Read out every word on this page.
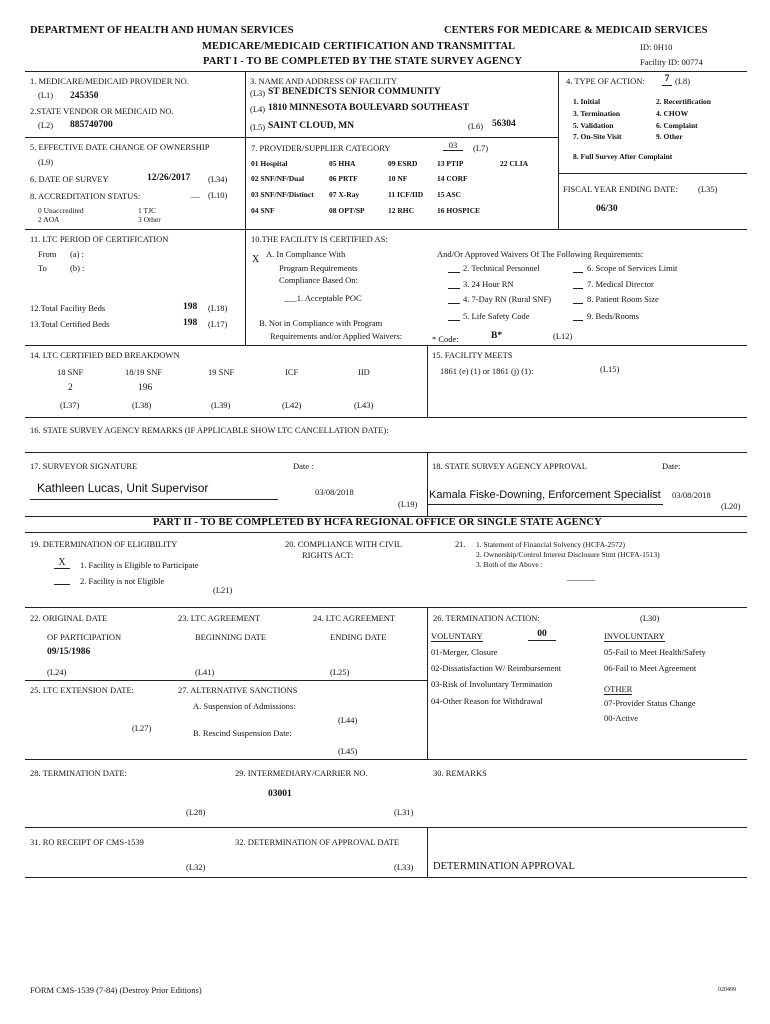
DEPARTMENT OF HEALTH AND HUMAN SERVICES	CENTERS FOR MEDICARE & MEDICAID SERVICES
MEDICARE/MEDICAID CERTIFICATION AND TRANSMITTAL
PART I - TO BE COMPLETED BY THE STATE SURVEY AGENCY
ID: 0H10
Facility ID: 00774
1. MEDICARE/MEDICAID PROVIDER NO.
(L1) 245350
2.STATE VENDOR OR MEDICAID NO.
(L2) 885740700
3. NAME AND ADDRESS OF FACILITY
(L3) ST BENEDICTS SENIOR COMMUNITY
(L4) 1810 MINNESOTA BOULEVARD SOUTHEAST
(L5) SAINT CLOUD, MN	(L6) 56304
4. TYPE OF ACTION: 7 (L8)
1. Initial	2. Recertification
3. Termination	4. CHOW
5. Validation	6. Complaint
7. On-Site Visit	9. Other
8. Full Survey After Complaint
5. EFFECTIVE DATE CHANGE OF OWNERSHIP
(L9)
6. DATE OF SURVEY	12/26/2017 (L34)
8. ACCREDITATION STATUS:	__ (L10)
0 Unaccredited	1 TJC
2 AOA	3 Other
7. PROVIDER/SUPPLIER CATEGORY	03	(L7)
01 Hospital	05 HHA	09 ESRD	13 PTIP	22 CLIA
02 SNF/NF/Dual	06 PRTF	10 NF	14 CORF
03 SNF/NF/Distinct 07 X-Ray	11 ICF/IID 15 ASC
04 SNF	08 OPT/SP	12 RHC	16 HOSPICE
FISCAL YEAR ENDING DATE: (L35)
06/30
11. LTC PERIOD OF CERTIFICATION
From (a) :
To	(b) :
12.Total Facility Beds	198 (L18)
13.Total Certified Beds	198 (L17)
10.THE FACILITY IS CERTIFIED AS:
X A. In Compliance With
Program Requirements
Compliance Based On:
___1. Acceptable POC
B. Not in Compliance with Program
Requirements and/or Applied Waivers:
And/Or Approved Waivers Of The Following Requirements:
2. Technical Personnel
3. 24 Hour RN
4. 7-Day RN (Rural SNF)
5. Life Safety Code
6. Scope of Services Limit
7. Medical Director
8. Patient Room Size
9. Beds/Rooms
* Code:	B*	(L12)
14. LTC CERTIFIED BED BREAKDOWN
18 SNF	18/19 SNF	19 SNF	ICF	IID
2	196
(L37)	(L38)	(L39)	(L42)	(L43)
15. FACILITY MEETS
1861 (e) (1) or 1861 (j) (1):	(L15)
16. STATE SURVEY AGENCY REMARKS (IF APPLICABLE SHOW LTC CANCELLATION DATE):
17. SURVEYOR SIGNATURE	Date :
Kathleen Lucas, Unit Supervisor	03/08/2018
(L19)
18. STATE SURVEY AGENCY APPROVAL	Date:
Kamala Fiske-Downing, Enforcement Specialist 03/08/2018
(L20)
PART II - TO BE COMPLETED BY HCFA REGIONAL OFFICE OR SINGLE STATE AGENCY
19. DETERMINATION OF ELIGIBILITY
X	1. Facility is Eligible to Participate
2. Facility is not Eligible
(L21)
20. COMPLIANCE WITH CIVIL
RIGHTS ACT:
21. 1. Statement of Financial Solvency (HCFA-2572)
2. Ownership/Control Interest Disclosure Stmt (HCFA-1513)
3. Both of the Above :
22. ORIGINAL DATE
OF PARTICIPATION
09/15/1986
(L24)
23. LTC AGREEMENT
BEGINNING DATE
(L41)
24. LTC AGREEMENT
ENDING DATE
(L25)
25. LTC EXTENSION DATE:
(L27)
27. ALTERNATIVE SANCTIONS
A. Suspension of Admissions:
(L44)
B. Rescind Suspension Date:
(L45)
26. TERMINATION ACTION:	(L30)
VOLUNTARY	00	INVOLUNTARY
01-Merger, Closure
02-Dissatisfaction W/ Reimbursement
03-Risk of Involuntary Termination
04-Other Reason for Withdrawal
05-Fail to Meet Health/Safety
06-Fail to Meet Agreement
OTHER
07-Provider Status Change
00-Active
28. TERMINATION DATE:
(L28)
29. INTERMEDIARY/CARRIER NO.
03001
(L31)
30. REMARKS
31. RO RECEIPT OF CMS-1539
(L32)
32. DETERMINATION OF APPROVAL DATE
(L33) DETERMINATION APPROVAL
FORM CMS-1539 (7-84) (Destroy Prior Editions)	020499
